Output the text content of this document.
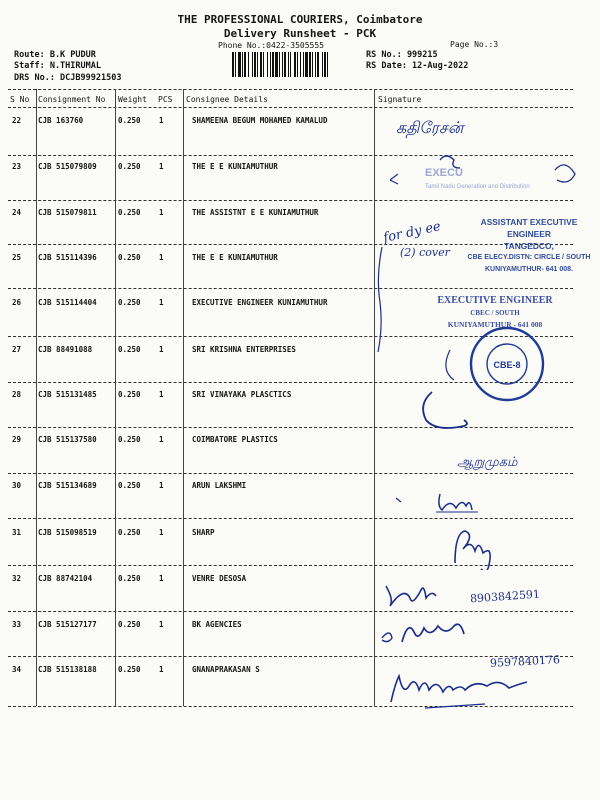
THE PROFESSIONAL COURIERS, Coimbatore
Delivery Runsheet - PCK
Phone No.:0422-3505555	Page No.:3
Route: B.K PUDUR
Staff: N.THIRUMAL
DRS No.: DCJB99921503
RS No.: 999215
RS Date: 12-Aug-2022
S No Consignment No Weight PCS Consignee Details	Signature
22 CJB 163760	0.250 1	SHAMEENA BEGUM MOHAMED KAMALUD
23 CJB 515079809	0.250 1	THE E E KUNIAMUTHUR
24 CJB 515079811	0.250 1	THE ASSISTNT E E KUNIAMUTHUR
25 CJB 515114396	0.250 1	THE E E KUNIAMUTHUR
26 CJB 515114404	0.250 1	EXECUTIVE ENGINEER KUNIAMUTHUR
27 CJB 88491088	0.250 1	SRI KRISHNA ENTERPRISES
28 CJB 515131485	0.250 1	SRI VINAYAKA PLASCTICS
29 CJB 515137580	0.250 1	COIMBATORE PLASTICS
30 CJB 515134689	0.250 1	ARUN LAKSHMI
31 CJB 515098519	0.250 1	SHARP
32 CJB 88742104	0.250 1	VENRE DESOSA
33 CJB 515127177	0.250 1	BK AGENCIES
34 CJB 515138188	0.250 1	GNANAPRAKASAN S
கதிரேசன்
EXECU
Tamil Nadu Generation and Distribution
for dy ee
(2) cover
ASSISTANT EXECUTIVE ENGINEER
TANGEDCO,
CBE ELECY.DISTN: CIRCLE / SOUTH
KUNIYAMUTHUR- 641 008.
EXECUTIVE ENGINEER
CBEC / SOUTH
KUNIYAMUTHUR - 641 008
CBE-8
ஆறுமுகம்
8903842591
9597840176
